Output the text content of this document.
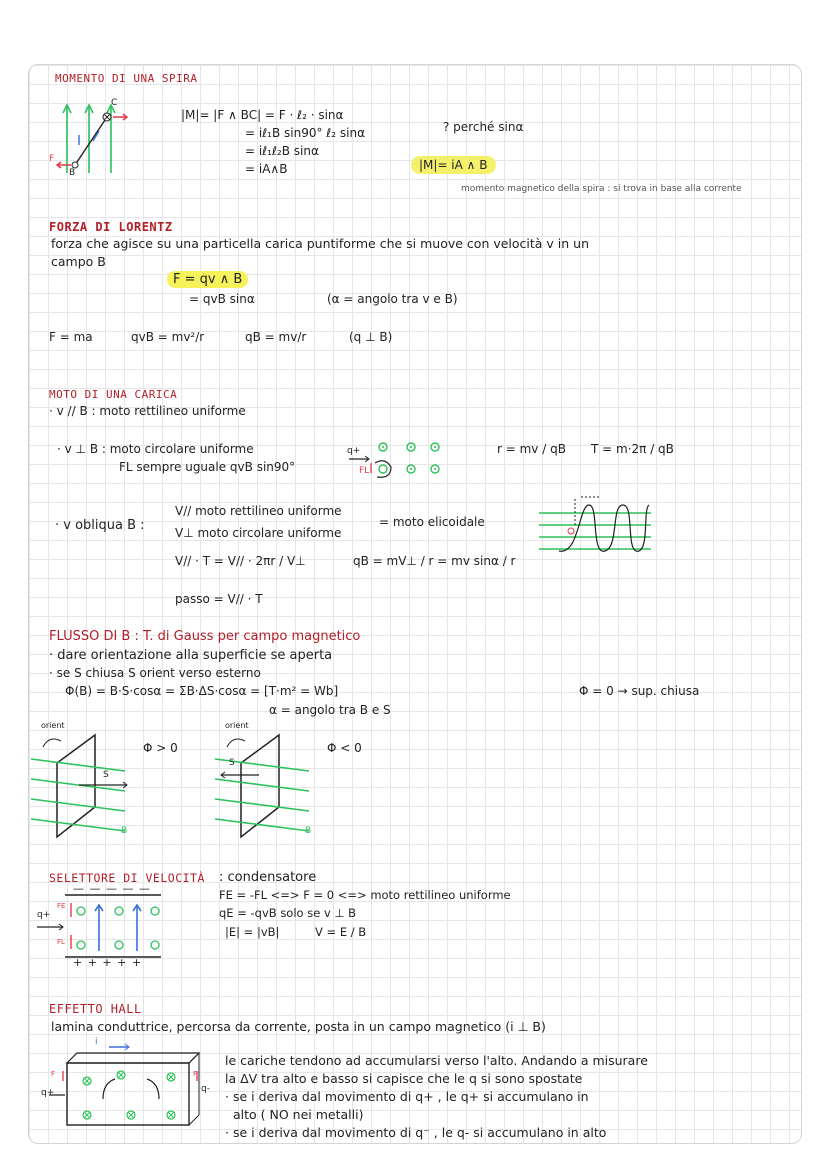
MOMENTO DI UNA SPIRA
C
B
F
|M|= |F ∧ BC| = F · ℓ₂ · sinα
= iℓ₁B sin90° ℓ₂ sinα
= iℓ₁ℓ₂B sinα
= iA∧B
? perché sinα
|M|= iA ∧ B
momento magnetico della spira : si trova in base alla corrente
FORZA DI LORENTZ
forza che agisce su una particella carica puntiforme che si muove con velocità v in un
campo B
F = qv ∧ B
= qvB sinα	(α = angolo tra v e B)
F = ma	qvB = mv²/r	qB = mv/r	(q ⊥ B)
MOTO DI UNA CARICA
· v // B : moto rettilineo uniforme
· v ⊥ B : moto circolare uniforme
FL sempre uguale qvB sin90°
q+
FL
r = mv / qB T = m·2π / qB
· v obliqua B :
V// moto rettilineo uniforme
V⊥ moto circolare uniforme
= moto elicoidale
V// · T = V// · 2πr / V⊥	qB = mV⊥ / r = mv sinα / r
passo = V// · T
FLUSSO DI B : T. di Gauss per campo magnetico
· dare orientazione alla superficie se aperta
· se S chiusa S orient verso esterno
Φ(B) = B·S·cosα = ΣB·ΔS·cosα = [T·m² = Wb]
α = angolo tra B e S
Φ = 0 → sup. chiusa
orient
S
B
Φ > 0
orient
S
B
Φ < 0
SELETTORE DI VELOCITÀ : condensatore
FE = -FL <=> F = 0 <=> moto rettilineo uniforme
qE = -qvB solo se v ⊥ B
|E| = |vB|	V = E / B
— — — — —
+ + + + +
q+
FE
FL
EFFETTO HALL
lamina conduttrice, percorsa da corrente, posta in un campo magnetico (i ⊥ B)
i
q+	q-
F	F
le cariche tendono ad accumularsi verso l'alto. Andando a misurare
la ΔV tra alto e basso si capisce che le q si sono spostate
· se i deriva dal movimento di q+ , le q+ si accumulano in
alto ( NO nei metalli)
· se i deriva dal movimento di q⁻ , le q- si accumulano in alto
